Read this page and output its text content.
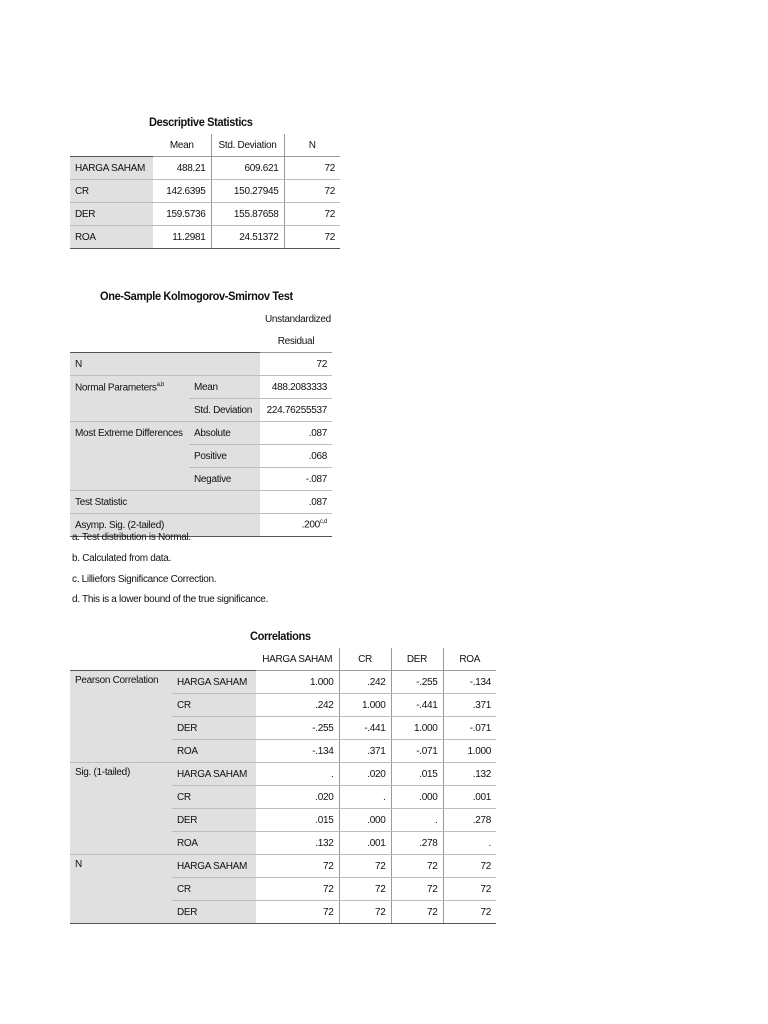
Descriptive Statistics
	Mean	Std. Deviation	N
HARGA SAHAM	488.21	609.621	72
CR	142.6395	150.27945	72
DER	159.5736	155.87658	72
ROA	11.2981	24.51372	72
One-Sample Kolmogorov-Smirnov Test
		Unstandardized
		Residual
N		72
Normal Parameters$^{a,b}$	Mean	488.2083333
	Std. Deviation	224.76255537
Most Extreme Differences	Absolute	.087
	Positive	.068
	Negative	-.087
Test Statistic		.087
Asymp. Sig. (2-tailed)		.200$^{c,d}$
a. Test distribution is Normal.
b. Calculated from data.
c. Lilliefors Significance Correction.
d. This is a lower bound of the true significance.
Correlations
		HARGA SAHAM	CR	DER	ROA
Pearson Correlation	HARGA SAHAM	1.000	.242	-.255	-.134
	CR	.242	1.000	-.441	.371
	DER	-.255	-.441	1.000	-.071
	ROA	-.134	.371	-.071	1.000
Sig. (1-tailed)	HARGA SAHAM	.	.020	.015	.132
	CR	.020	.	.000	.001
	DER	.015	.000	.	.278
	ROA	.132	.001	.278	.
N	HARGA SAHAM	72	72	72	72
	CR	72	72	72	72
	DER	72	72	72	72
